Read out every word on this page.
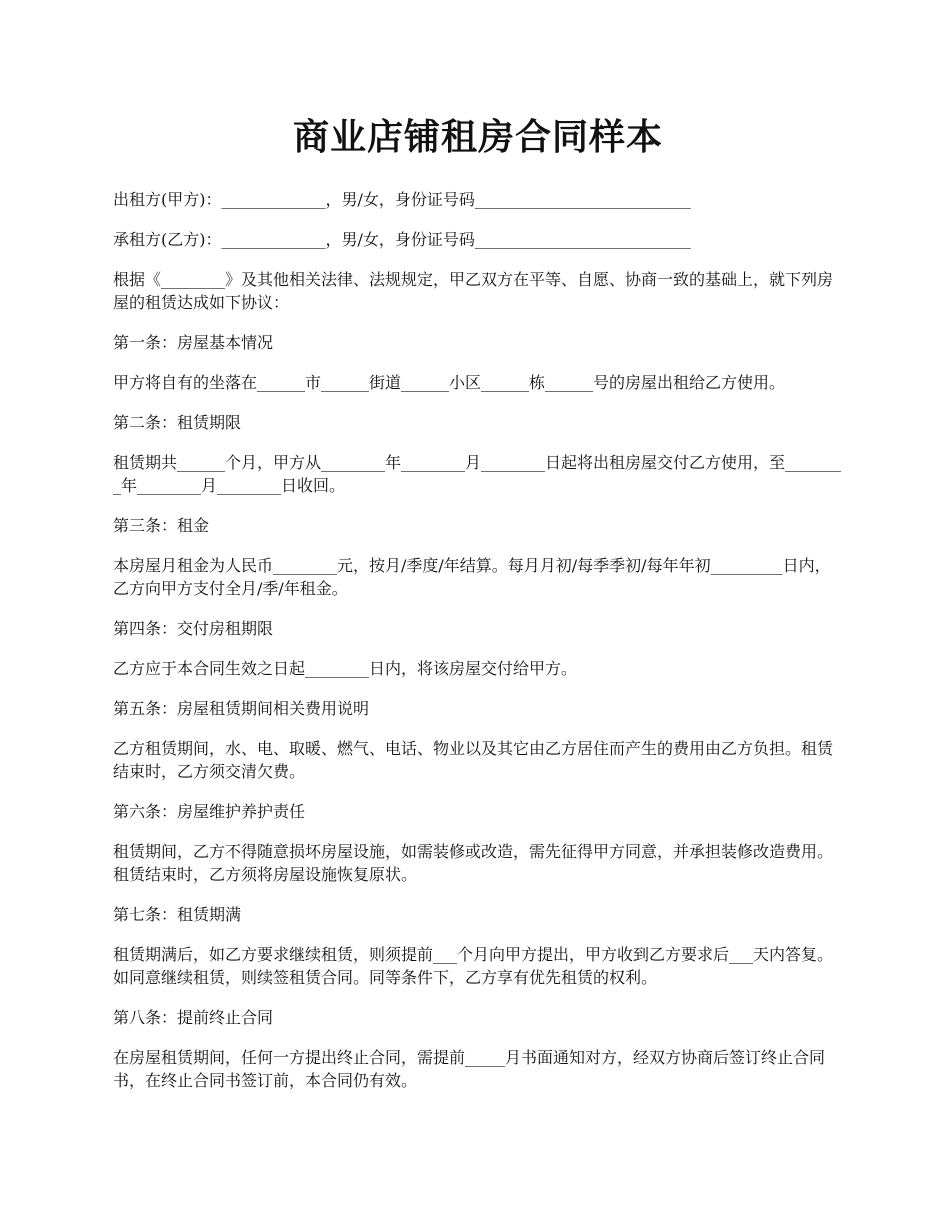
商业店铺租房合同样本

出租方(甲方)：_____________，男/女，身份证号码___________________________

承租方(乙方)：_____________，男/女，身份证号码___________________________

根据《________》及其他相关法律、法规规定，甲乙双方在平等、自愿、协商一致的基础上，就下列房屋的租赁达成如下协议：

第一条：房屋基本情况

甲方将自有的坐落在______市______街道______小区______栋______号的房屋出租给乙方使用。

第二条：租赁期限

租赁期共______个月，甲方从________年________月________日起将出租房屋交付乙方使用，至________年________月________日收回。

第三条：租金

本房屋月租金为人民币________元，按月/季度/年结算。每月月初/每季季初/每年年初_________日内，乙方向甲方支付全月/季/年租金。

第四条：交付房租期限

乙方应于本合同生效之日起________日内，将该房屋交付给甲方。

第五条：房屋租赁期间相关费用说明

乙方租赁期间，水、电、取暖、燃气、电话、物业以及其它由乙方居住而产生的费用由乙方负担。租赁结束时，乙方须交清欠费。

第六条：房屋维护养护责任

租赁期间，乙方不得随意损坏房屋设施，如需装修或改造，需先征得甲方同意，并承担装修改造费用。租赁结束时，乙方须将房屋设施恢复原状。

第七条：租赁期满

租赁期满后，如乙方要求继续租赁，则须提前___个月向甲方提出，甲方收到乙方要求后___天内答复。如同意继续租赁，则续签租赁合同。同等条件下，乙方享有优先租赁的权利。

第八条：提前终止合同

在房屋租赁期间，任何一方提出终止合同，需提前_____月书面通知对方，经双方协商后签订终止合同书，在终止合同书签订前，本合同仍有效。
